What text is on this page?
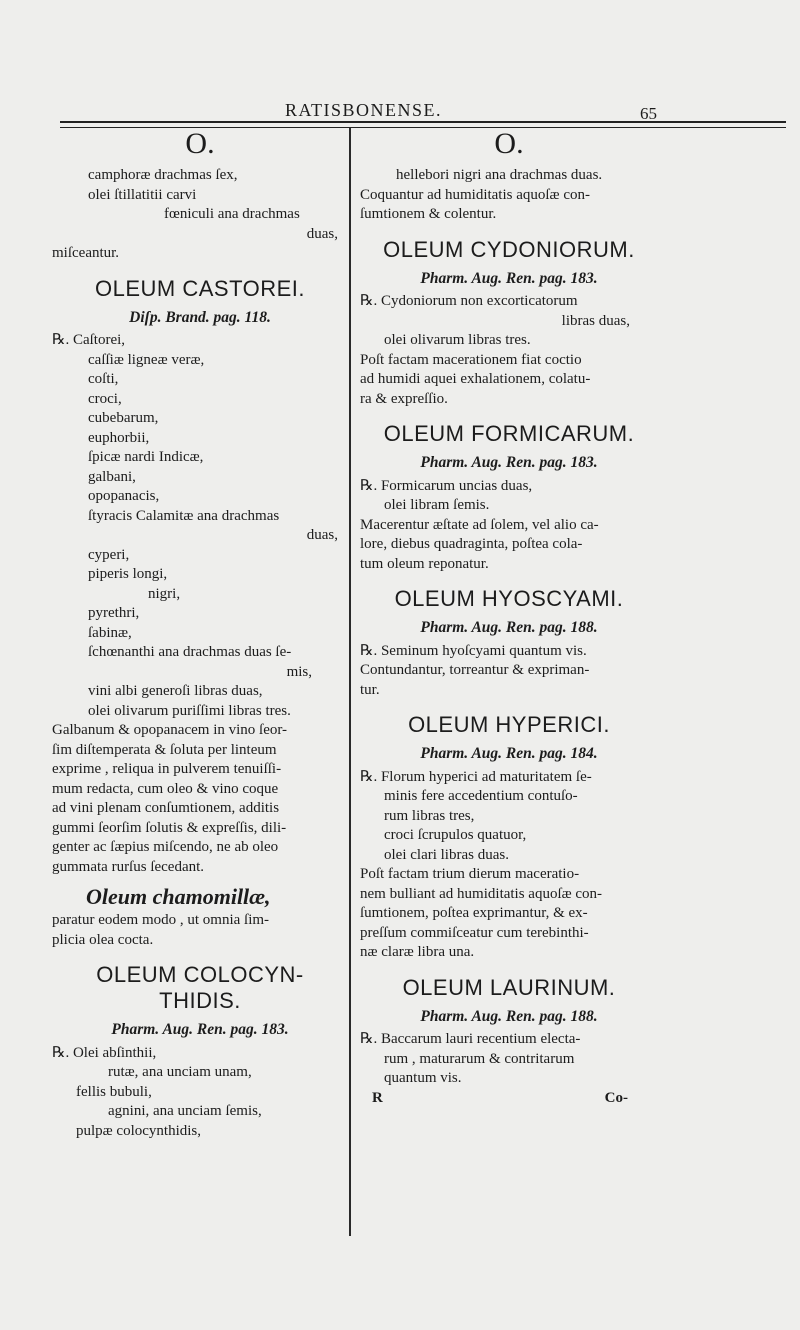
RATISBONENSE.	65
O.
camphoræ drachmas ſex,
olei ſtillatitii carvi
fœniculi ana drachmas
duas,
miſceantur.
OLEUM CASTOREI.
Diſp. Brand. pag. 118.
℞. Caſtorei,
caſſiæ ligneæ veræ,
coſti,
croci,
cubebarum,
euphorbii,
ſpicæ nardi Indicæ,
galbani,
opopanacis,
ſtyracis Calamitæ ana drachmas
duas,
cyperi,
piperis longi,
nigri,
pyrethri,
ſabinæ,
ſchœnanthi ana drachmas duas ſe-
mis,
vini albi generoſi libras duas,
olei olivarum puriſſimi libras tres.
Galbanum & opopanacem in vino ſeor-
ſim diſtemperata & ſoluta per linteum
exprime , reliqua in pulverem tenuiſſi-
mum redacta, cum oleo & vino coque
ad vini plenam conſumtionem, additis
gummi ſeorſim ſolutis & expreſſis, dili-
genter ac ſæpius miſcendo, ne ab oleo
gummata rurſus ſecedant.
Oleum chamomillæ,
paratur eodem modo , ut omnia ſim-
plicia olea cocta.
OLEUM COLOCYN-
THIDIS.
Pharm. Aug. Ren. pag. 183.
℞. Olei abſinthii,
rutæ, ana unciam unam,
fellis bubuli,
agnini, ana unciam ſemis,
pulpæ colocynthidis,
O.
hellebori nigri ana drachmas duas.
Coquantur ad humiditatis aquoſæ con-
ſumtionem & colentur.
OLEUM CYDONIORUM.
Pharm. Aug. Ren. pag. 183.
℞. Cydoniorum non excorticatorum
libras duas,
olei olivarum libras tres.
Poſt factam macerationem fiat coctio
ad humidi aquei exhalationem, colatu-
ra & expreſſio.
OLEUM FORMICARUM.
Pharm. Aug. Ren. pag. 183.
℞. Formicarum uncias duas,
olei libram ſemis.
Macerentur æſtate ad ſolem, vel alio ca-
lore, diebus quadraginta, poſtea cola-
tum oleum reponatur.
OLEUM HYOSCYAMI.
Pharm. Aug. Ren. pag. 188.
℞. Seminum hyoſcyami quantum vis.
Contundantur, torreantur & expriman-
tur.
OLEUM HYPERICI.
Pharm. Aug. Ren. pag. 184.
℞. Florum hyperici ad maturitatem ſe-
minis fere accedentium contuſo-
rum libras tres,
croci ſcrupulos quatuor,
olei clari libras duas.
Poſt factam trium dierum maceratio-
nem bulliant ad humiditatis aquoſæ con-
ſumtionem, poſtea exprimantur, & ex-
preſſum commiſceatur cum terebinthi-
næ claræ libra una.
OLEUM LAURINUM.
Pharm. Aug. Ren. pag. 188.
℞. Baccarum lauri recentium electa-
rum , maturarum & contritarum
quantum vis.
R	Co-
